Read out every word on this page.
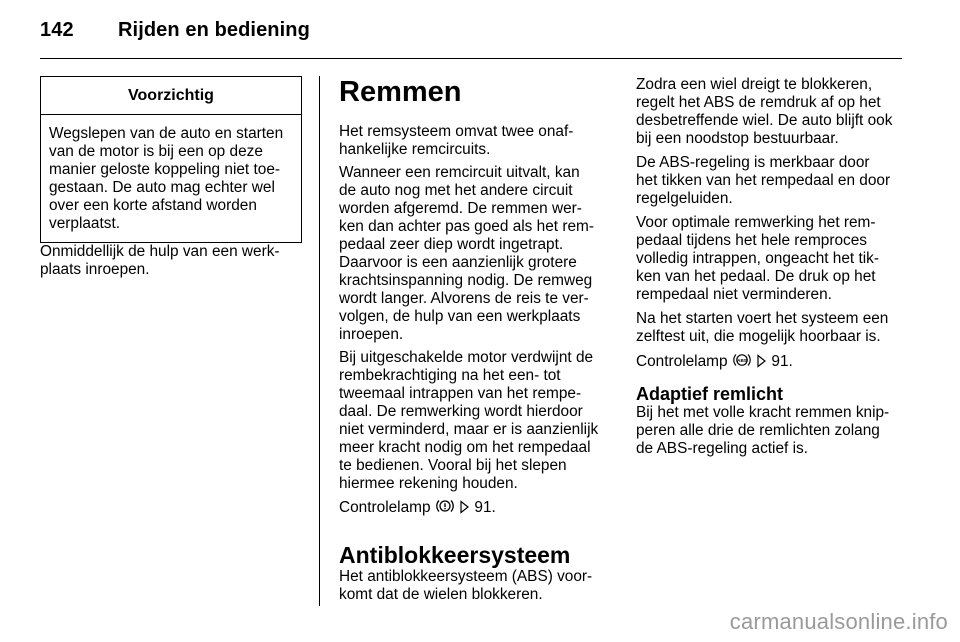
142 Rijden en bediening
Voorzichtig
Wegslepen van de auto en starten
van de motor is bij een op deze
manier geloste koppeling niet toe-
gestaan. De auto mag echter wel
over een korte afstand worden
verplaatst.

Onmiddellijk de hulp van een werk-
plaats inroepen.

Remmen

Het remsysteem omvat twee onaf-
hankelijke remcircuits.

Wanneer een remcircuit uitvalt, kan
de auto nog met het andere circuit
worden afgeremd. De remmen wer-
ken dan achter pas goed als het rem-
pedaal zeer diep wordt ingetrapt.
Daarvoor is een aanzienlijk grotere
krachtsinspanning nodig. De remweg
wordt langer. Alvorens de reis te ver-
volgen, de hulp van een werkplaats
inroepen.

Bij uitgeschakelde motor verdwijnt de
rembekrachtiging na het een- tot
tweemaal intrappen van het rempe-
daal. De remwerking wordt hierdoor
niet verminderd, maar er is aanzienlijk
meer kracht nodig om het rempedaal
te bedienen. Vooral bij het slepen
hiermee rekening houden.

Controlelamp	91.

Antiblokkeersysteem

Het antiblokkeersysteem (ABS) voor-
komt dat de wielen blokkeren.

Zodra een wiel dreigt te blokkeren,
regelt het ABS de remdruk af op het
desbetreffende wiel. De auto blijft ook
bij een noodstop bestuurbaar.

De ABS-regeling is merkbaar door
het tikken van het rempedaal en door
regelgeluiden.

Voor optimale remwerking het rem-
pedaal tijdens het hele remproces
volledig intrappen, ongeacht het tik-
ken van het pedaal. De druk op het
rempedaal niet verminderen.

Na het starten voert het systeem een
zelftest uit, die mogelijk hoorbaar is.

Controlelamp ABS 91.

Adaptief remlicht

Bij het met volle kracht remmen knip-
peren alle drie de remlichten zolang
de ABS-regeling actief is.

carmanualsonline.info
